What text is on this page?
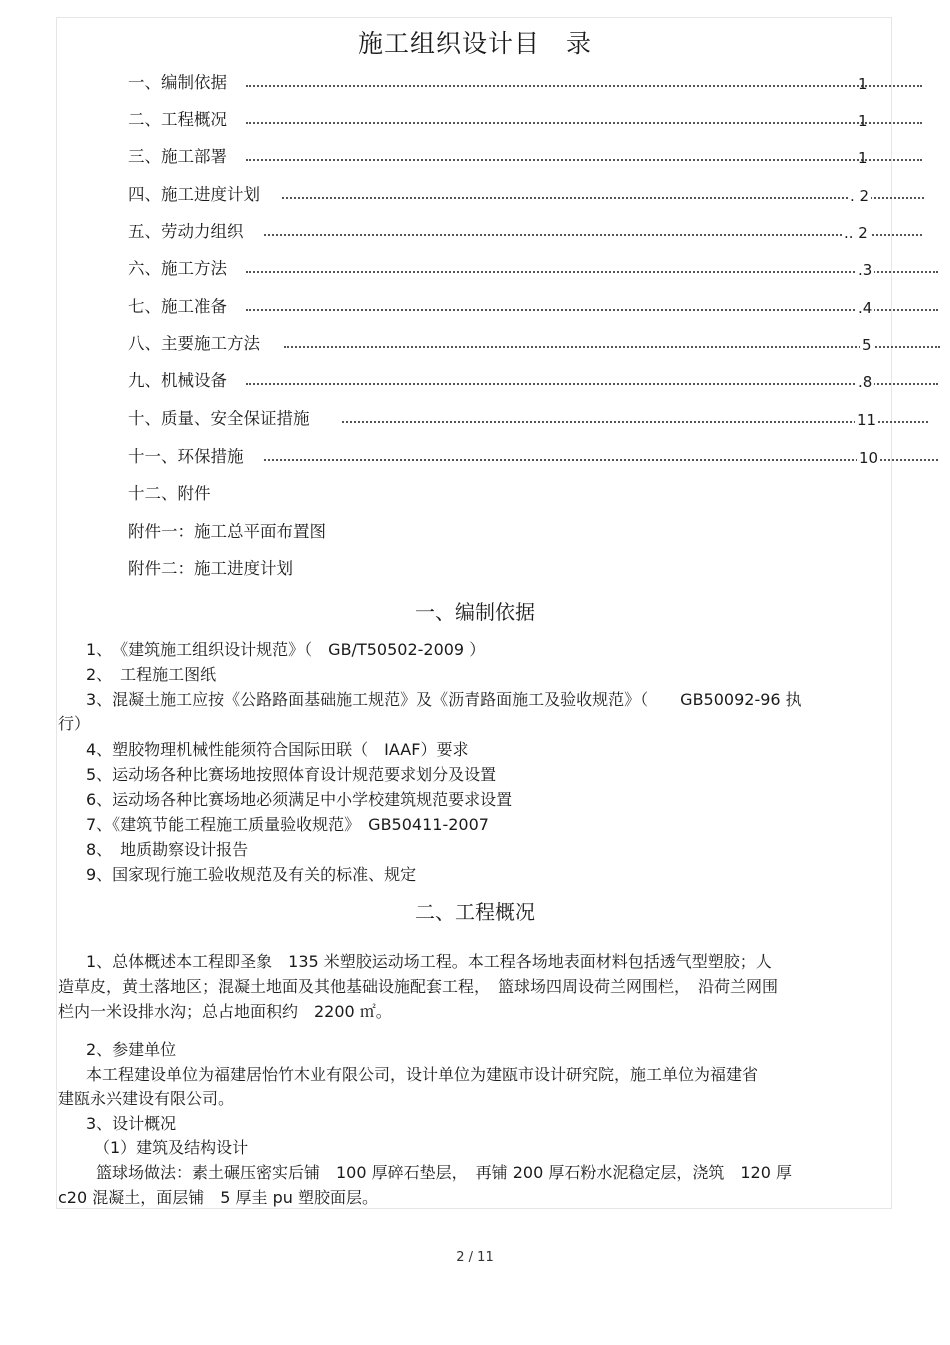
施工组织设计目　录
一、编制依据	1
二、工程概况	1
三、施工部署	1
四、施工进度计划	. 2
五、劳动力组织	.. 2
六、施工方法	.3
七、施工准备	.4
八、主要施工方法	5
九、机械设备	.8
十、质量、安全保证措施	11
十一、环保措施	10
十二、附件
附件一：施工总平面布置图
附件二：施工进度计划
一、编制依据
1、　《建筑施工组织设计规范》（　GB/T50502-2009 ）
2、　工程施工图纸
3、混凝土施工应按《公路路面基础施工规范》及《沥青路面施工及验收规范》（　　GB50092-96 执
行）
4、塑胶物理机械性能须符合国际田联（　IAAF）要求
5、运动场各种比赛场地按照体育设计规范要求划分及设置
6、运动场各种比赛场地必须满足中小学校建筑规范要求设置
7、《建筑节能工程施工质量验收规范》　GB50411-2007
8、　地质勘察设计报告
9、国家现行施工验收规范及有关的标准、规定
二、工程概况
1、总体概述本工程即圣象　135 米塑胶运动场工程。本工程各场地表面材料包括透气型塑胶；人
造草皮，黄土落地区；混凝土地面及其他基础设施配套工程，　篮球场四周设荷兰网围栏，　沿荷兰网围
栏内一米设排水沟；总占地面积约　2200 ㎡。
2、参建单位
本工程建设单位为福建居怡竹木业有限公司，设计单位为建瓯市设计研究院，施工单位为福建省
建瓯永兴建设有限公司。
3、设计概况
（1）建筑及结构设计
篮球场做法：素土碾压密实后铺　100 厚碎石垫层，　再铺 200 厚石粉水泥稳定层，浇筑　120 厚
c20 混凝土，面层铺　5 厚圭 pu 塑胶面层。
2 / 11
